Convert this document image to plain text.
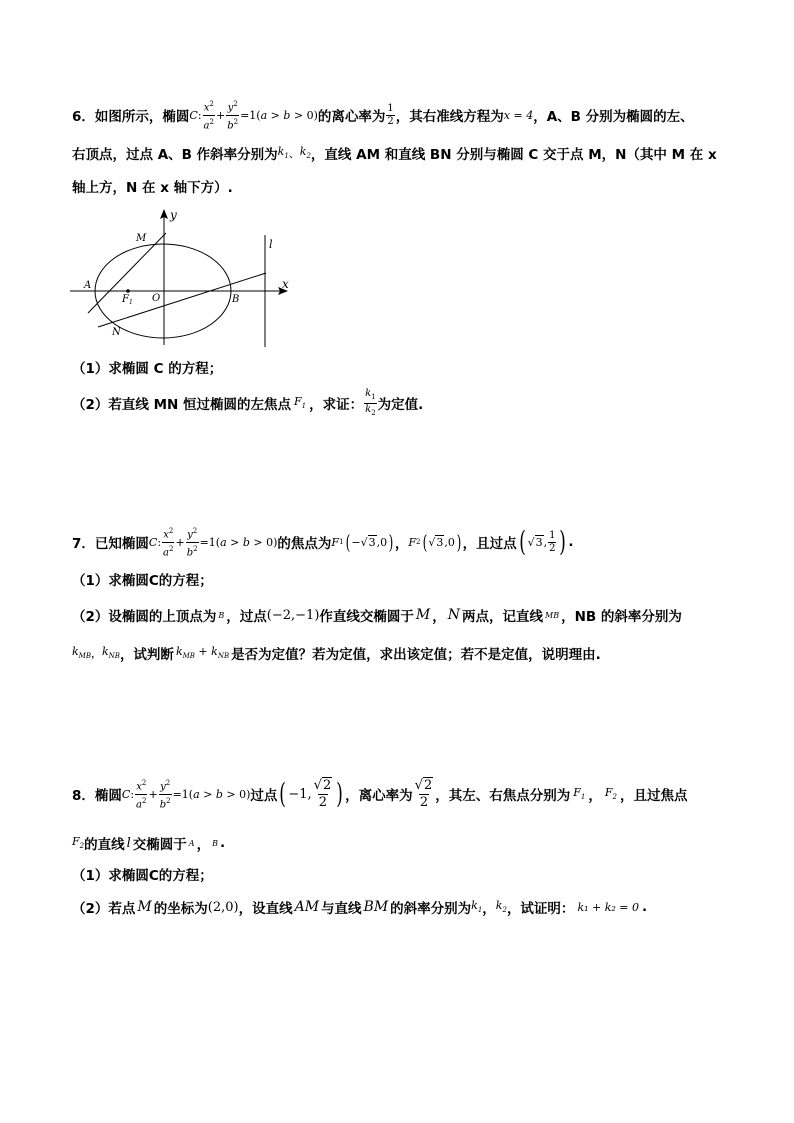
6． 如图所示，椭圆 C : $\frac{x^2}{a^2} + \frac{y^2}{b^2} =1(a > b > 0)$ 的离心率为 $\frac{1}{2}$ ，其右准线方程为 x = 4 ，A、B 分别为椭圆的左、
右顶点，过点 A、B 作斜率分别为 $k_1$ 、 $k_2$ ，直线 AM 和直线 BN 分别与椭圆 C 交于点 M，N（其中 M 在 x
轴上方，N 在 x 轴下方）.
y
x
l
M
A
$F_1$ O	B
N
（1）求椭圆 C 的方程；
（2）若直线 MN 恒过椭圆的左焦点 $F_1$ ，求证： $\frac{k_1}{k_2}$ 为定值.
7． 已知椭圆 C : $\frac{x^2}{a^2} + \frac{y^2}{b^2} =1(a > b > 0)$ 的焦点为 F 1 ( − √3 ,0 ) ， F 2 ( √3 ,0 ) ，且过点 ( √3 , $\frac{1}{2}$ ) .
（1）求椭圆C的方程；
（2）设椭圆的上顶点为 B ，过点 (−2,−1) 作直线交椭圆于 M ， N 两点，记直线 MB ，NB 的斜率分别为
$k_{MB}$ ， $k_{NB}$ ，试判断 $k_{MB} + k_{NB}$ 是否为定值？若为定值，求出该定值；若不是定值，说明理由.
8． 椭圆 C : $\frac{x^2}{a^2} + \frac{y^2}{b^2} =1(a > b > 0)$ 过点 ( −1, $\frac{√2}{2}$ ) ，离心率为 $\frac{√2}{2}$ ，其左、右焦点分别为 $F_1$ ， $F_2$ ，且过焦点
$F_2$ 的直线 l 交椭圆于 A ， B .
（1）求椭圆C的方程；
（2）若点 M 的坐标为 (2,0) ，设直线 AM 与直线 BM 的斜率分别为 $k_1$ ， $k_2$ ，试证明： k₁ + k₂ = 0 .
